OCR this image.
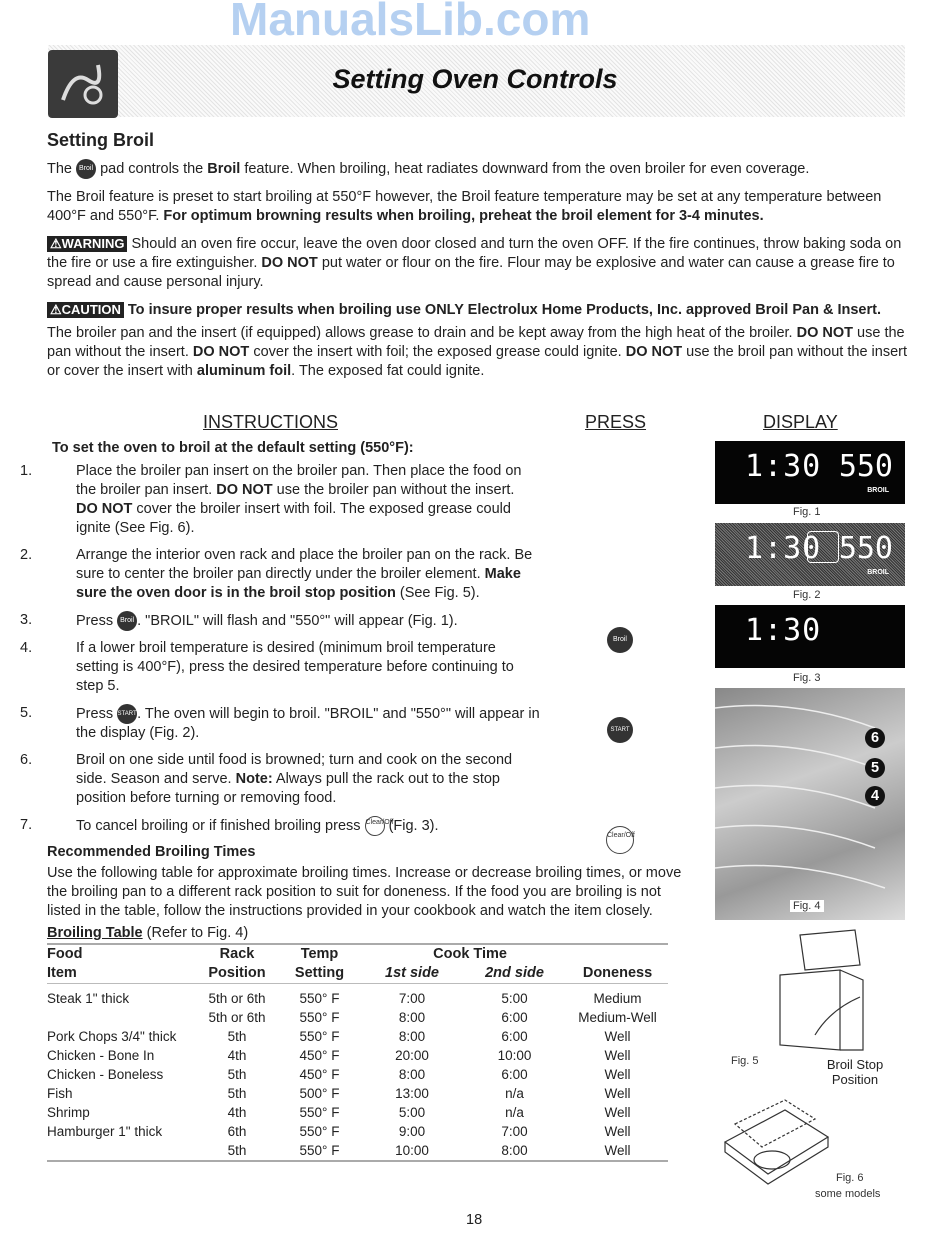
Setting Oven Controls
Setting Broil

The Broil pad controls the Broil feature. When broiling, heat radiates downward from the oven broiler for even coverage.

The Broil feature is preset to start broiling at 550°F however, the Broil feature temperature may be set at any temperature between 400°F and 550°F. For optimum browning results when broiling, preheat the broil element for 3-4 minutes.

⚠WARNING Should an oven fire occur, leave the oven door closed and turn the oven OFF. If the fire continues, throw baking soda on the fire or use a fire extinguisher. DO NOT put water or flour on the fire. Flour may be explosive and water can cause a grease fire to spread and cause personal injury.

⚠CAUTION To insure proper results when broiling use ONLY Electrolux Home Products, Inc. approved Broil Pan & Insert.

The broiler pan and the insert (if equipped) allows grease to drain and be kept away from the high heat of the broiler. DO NOT use the pan without the insert. DO NOT cover the insert with foil; the exposed grease could ignite. DO NOT use the broil pan without the insert or cover the insert with aluminum foil. The exposed fat could ignite.

INSTRUCTIONS	PRESS	DISPLAY
To set the oven to broil at the default setting (550°F):
1.	Place the broiler pan insert on the broiler pan. Then place the food on the broiler pan insert. DO NOT use the broiler pan without the insert. DO NOT cover the broiler insert with foil. The exposed grease could ignite (See Fig. 6).
2.	Arrange the interior oven rack and place the broiler pan on the rack. Be sure to center the broiler pan directly under the broiler element. Make sure the oven door is in the broil stop position (See Fig. 5).
3.	Press Broil . "BROIL" will flash and "550°" will appear (Fig. 1).
4.	If a lower broil temperature is desired (minimum broil temperature setting is 400°F), press the desired temperature before continuing to step 5.
5.	Press START. The oven will begin to broil. "BROIL" and "550°" will appear in the display (Fig. 2).
6.	Broil on one side until food is browned; turn and cook on the second side. Season and serve. Note: Always pull the rack out to the stop position before turning or removing food.
7.	To cancel broiling or if finished broiling press Clear/Off (Fig. 3).
Recommended Broiling Times

Use the following table for approximate broiling times. Increase or decrease broiling times, or move the broiling pan to a different rack position to suit for doneness. If the food you are broiling is not listed in the table, follow the instructions provided in your cookbook and watch the item closely.

Broiling Table (Refer to Fig. 4)
Food	Rack	Temp	Cook Time		
Item	Position	Setting	1st side	2nd side	Doneness
Steak 1" thick	5th or 6th	550° F	7:00	5:00	Medium
	5th or 6th	550° F	8:00	6:00	Medium-Well
Pork Chops 3/4" thick	5th	550° F	8:00	6:00	Well
Chicken - Bone In	4th	450° F	20:00	10:00	Well
Chicken - Boneless	5th	450° F	8:00	6:00	Well
Fish	5th	500° F	13:00	n/a	Well
Shrimp	4th	550° F	5:00	n/a	Well
Hamburger 1" thick	6th	550° F	9:00	7:00	Well
	5th	550° F	10:00	8:00	Well
Broil
START
Clear/Off
1:30 550
BROIL
Fig. 1
1:30 550
BROIL
Fig. 2
1:30
Fig. 3
6
5
4
Fig. 4
Fig. 5	Broil Stop Position
Fig. 6
some models
18
ManualsLib.com
